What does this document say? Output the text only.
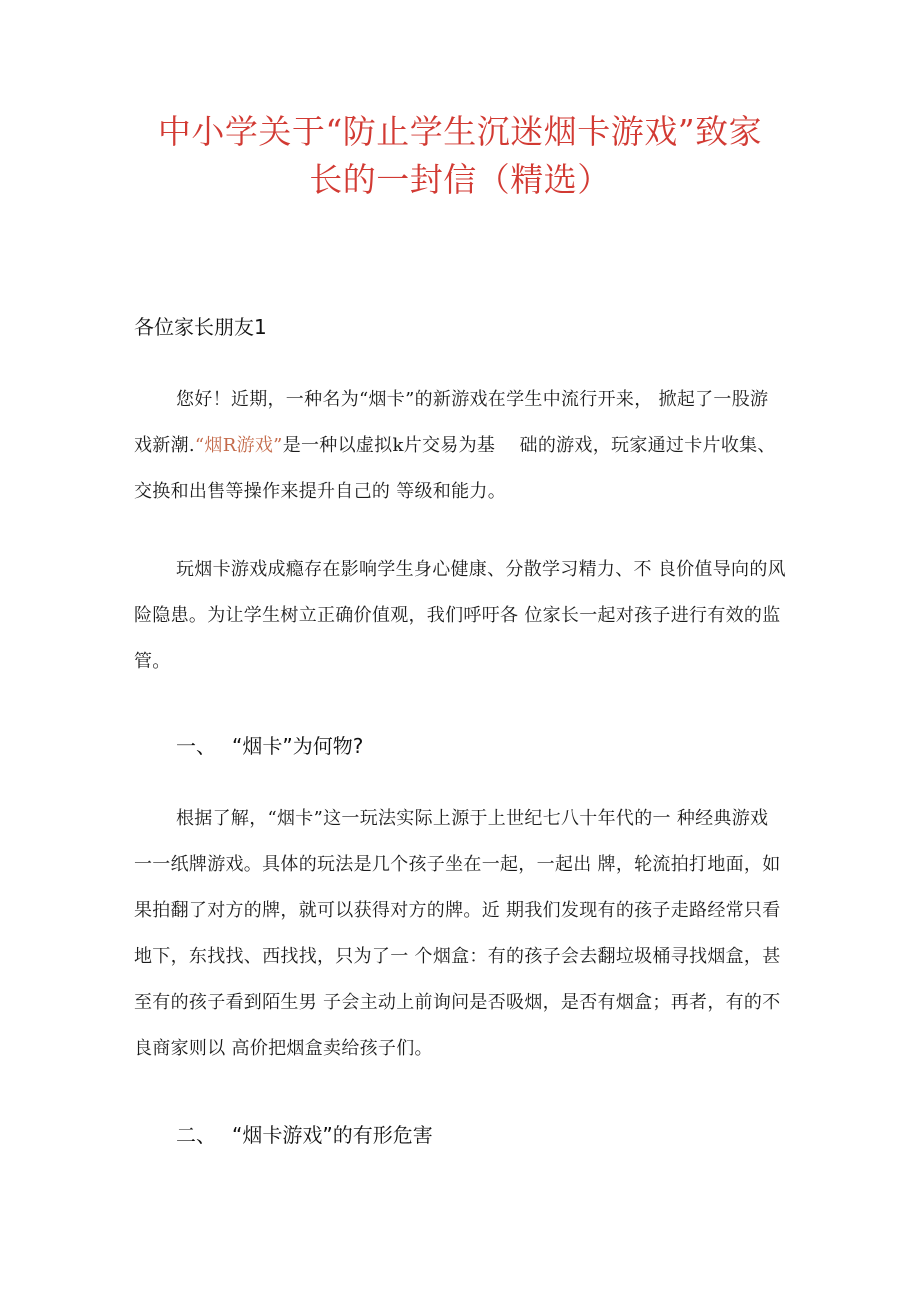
中小学关于“防止学生沉迷烟卡游戏”致家
长的一封信（精选）

各位家长朋友1

您好！近期，一种名为“烟卡”的新游戏在学生中流行开来， 掀起了一股游
戏新潮.“烟R游戏”是一种以虚拟k片交易为基　 础的游戏，玩家通过卡片收集、
交换和出售等操作来提升自己的 等级和能力。

玩烟卡游戏成瘾存在影响学生身心健康、分散学习精力、不 良价值导向的风
险隐患。为让学生树立正确价值观，我们呼吁各 位家长一起对孩子进行有效的监
管。

一、 “烟卡”为何物?

根据了解，“烟卡”这一玩法实际上源于上世纪七八十年代的一 种经典游戏
一一纸牌游戏。具体的玩法是几个孩子坐在一起，一起出 牌，轮流拍打地面，如
果拍翻了对方的牌，就可以获得对方的牌。近 期我们发现有的孩子走路经常只看
地下，东找找、西找找，只为了一 个烟盒：有的孩子会去翻垃圾桶寻找烟盒，甚
至有的孩子看到陌生男 子会主动上前询问是否吸烟，是否有烟盒；再者，有的不
良商家则以 高价把烟盒卖给孩子们。

二、 “烟卡游戏”的有形危害
